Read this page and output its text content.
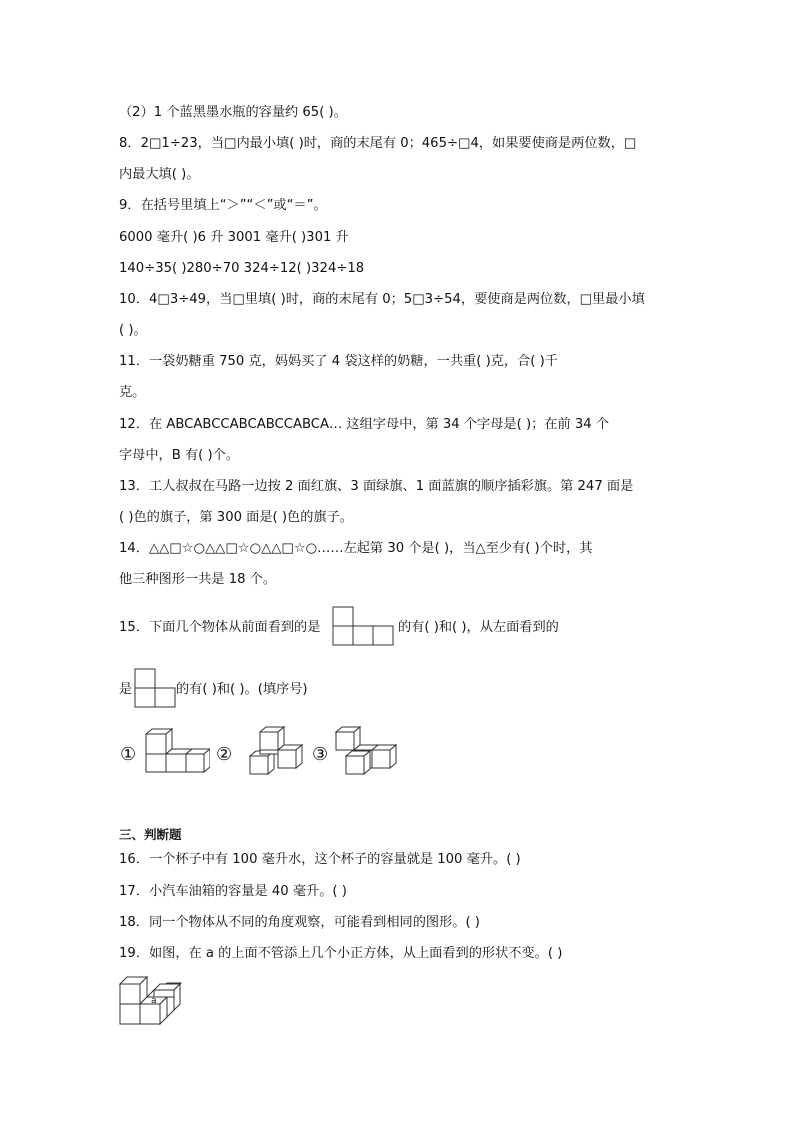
（2）1 个蓝黑墨水瓶的容量约 65( )。
8．2□1÷23，当□内最小填( )时，商的末尾有 0；465÷□4，如果要使商是两位数，□
内最大填( )。
9．在括号里填上“＞”“＜”或“＝”。
6000 毫升( )6 升 3001 毫升( )301 升
140÷35( )280÷70 324÷12( )324÷18
10．4□3÷49，当□里填( )时，商的末尾有 0；5□3÷54，要使商是两位数，□里最小填
( )。
11．一袋奶糖重 750 克，妈妈买了 4 袋这样的奶糖，一共重( )克，合( )千
克。
12．在 ABCABCCABCABCCABCA… 这组字母中，第 34 个字母是( )；在前 34 个
字母中，B 有( )个。
13．工人叔叔在马路一边按 2 面红旗、3 面绿旗、1 面蓝旗的顺序插彩旗。第 247 面是
( )色的旗子，第 300 面是( )色的旗子。
14．△△□☆○△△□☆○△△□☆○……左起第 30 个是( )，当△至少有( )个时，其
他三种图形一共是 18 个。
15．下面几个物体从前面看到的是	的有( )和( )，从左面看到的
是	的有( )和( )。(填序号)
①	②	③
三、判断题
16．一个杯子中有 100 毫升水，这个杯子的容量就是 100 毫升。( )
17．小汽车油箱的容量是 40 毫升。( )
18．同一个物体从不同的角度观察，可能看到相同的图形。( )
19．如图，在 a 的上面不管添上几个小正方体，从上面看到的形状不变。( )
a
